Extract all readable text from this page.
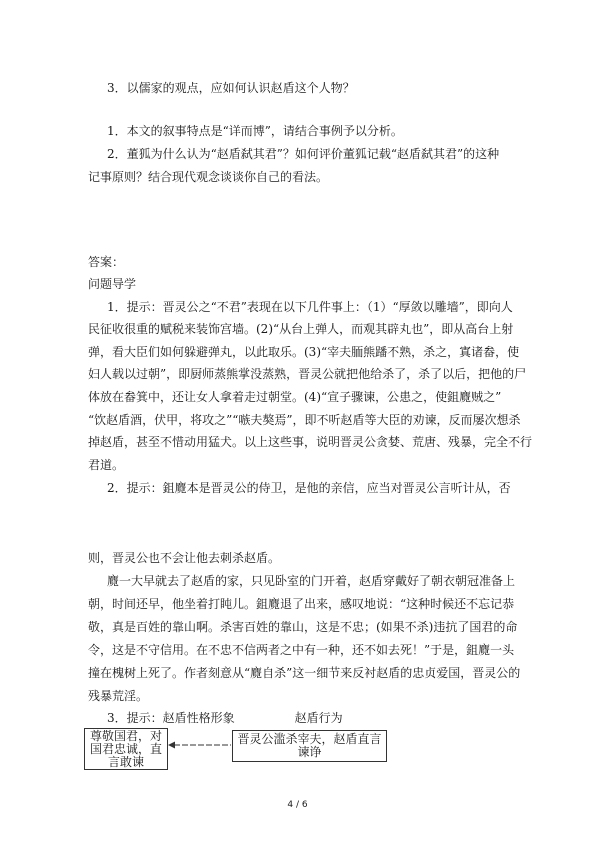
3．以儒家的观点，应如何认识赵盾这个人物？
1．本文的叙事特点是“详而博”，请结合事例予以分析。
2．董狐为什么认为“赵盾弑其君”？如何评价董狐记载“赵盾弑其君”的这种
记事原则？结合现代观念谈谈你自己的看法。
答案：
问题导学
1．提示：晋灵公之“不君”表现在以下几件事上：（1）“厚敛以雕墙”，即向人
民征收很重的赋税来装饰宫墙。(2)“从台上弹人，而观其辟丸也”，即从高台上射
弹，看大臣们如何躲避弹丸，以此取乐。(3)“宰夫胹熊蹯不熟，杀之，寘诸畚，使
妇人载以过朝”，即厨师蒸熊掌没蒸熟，晋灵公就把他给杀了，杀了以后，把他的尸
体放在畚箕中，还让女人拿着走过朝堂。(4)“宣子骤谏，公患之，使鉏麑贼之”
“饮赵盾酒，伏甲，将攻之”“嗾夫獒焉”，即不听赵盾等大臣的劝谏，反而屡次想杀
掉赵盾，甚至不惜动用猛犬。以上这些事，说明晋灵公贪婪、荒唐、残暴，完全不行
君道。
2．提示：鉏麑本是晋灵公的侍卫，是他的亲信，应当对晋灵公言听计从，否
则，晋灵公也不会让他去刺杀赵盾。
麑一大早就去了赵盾的家，只见卧室的门开着，赵盾穿戴好了朝衣朝冠准备上
朝，时间还早，他坐着打盹儿。鉏麑退了出来，感叹地说：“这种时候还不忘记恭
敬，真是百姓的靠山啊。杀害百姓的靠山，这是不忠；(如果不杀)违抗了国君的命
令，这是不守信用。在不忠不信两者之中有一种，还不如去死！”于是，鉏麑一头
撞在槐树上死了。作者刻意从“麑自杀”这一细节来反衬赵盾的忠贞爱国，晋灵公的
残暴荒淫。
3．提示：赵盾性格形象　　　　　赵盾行为
尊敬国君，对
国君忠诚，直
言敢谏
晋灵公滥杀宰夫，赵盾直言
谏诤
4 / 6
